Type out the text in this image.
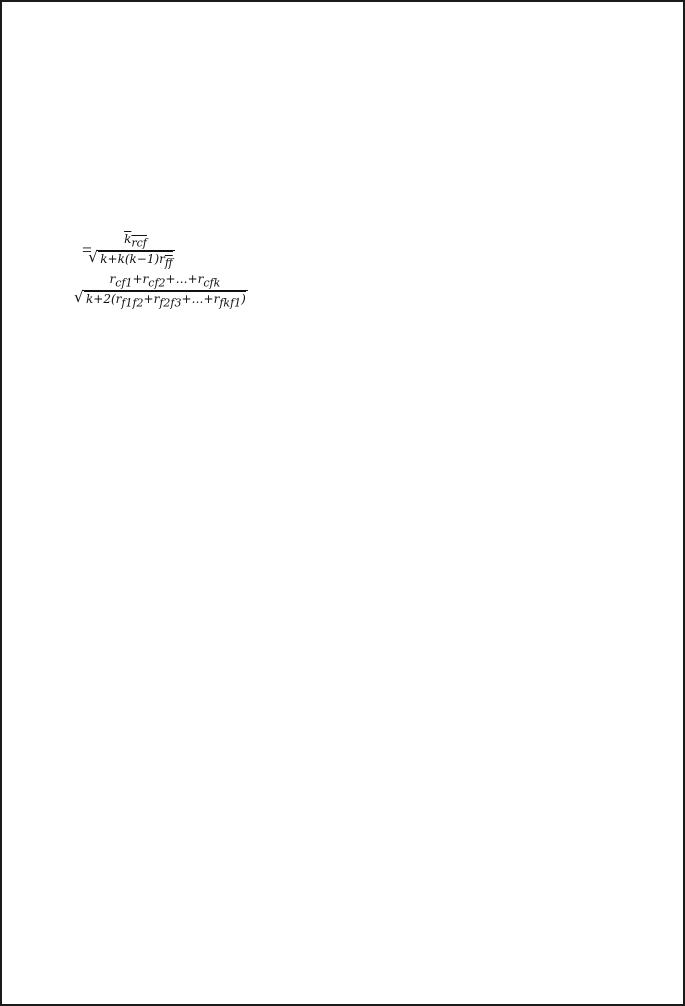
= $k_{rcf}$
√ $k+k(k-1)r_{ff}$
$r_{cf1}+r_{cf2}+\dots+r_{cfk}$
√ $k+2(r_{f1f2}+r_{f2f3}+\dots+r_{fkf1})$
